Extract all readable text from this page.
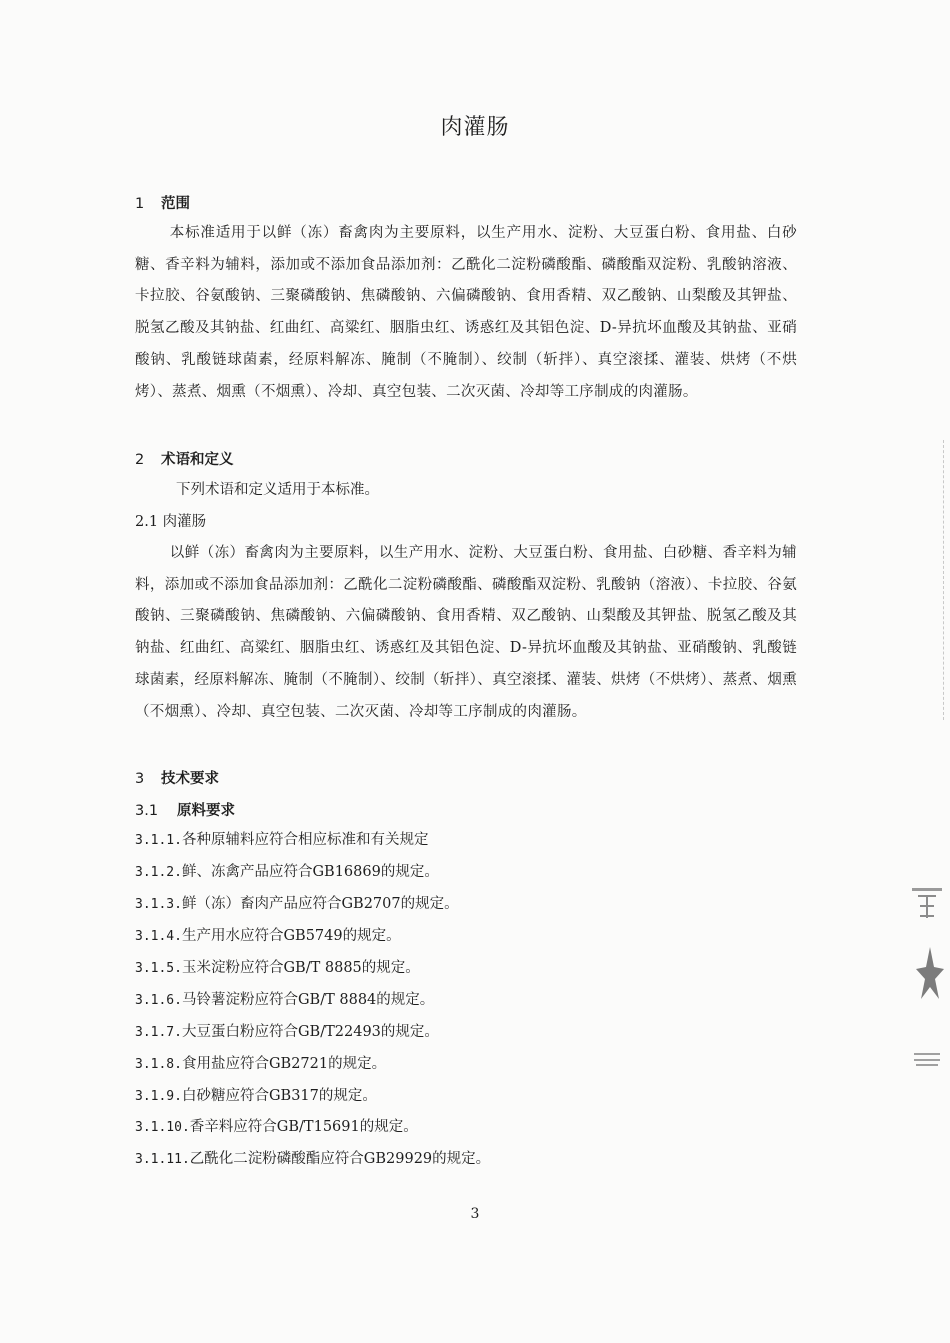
肉灌肠
1 范围

本标准适用于以鲜（冻）畜禽肉为主要原料，以生产用水、淀粉、大豆蛋白粉、食用盐、白砂糖、香辛料为辅料，添加或不添加食品添加剂：乙酰化二淀粉磷酸酯、磷酸酯双淀粉、乳酸钠溶液、卡拉胶、谷氨酸钠、三聚磷酸钠、焦磷酸钠、六偏磷酸钠、食用香精、双乙酸钠、山梨酸及其钾盐、脱氢乙酸及其钠盐、红曲红、高粱红、胭脂虫红、诱惑红及其铝色淀、D-异抗坏血酸及其钠盐、亚硝酸钠、乳酸链球菌素，经原料解冻、腌制（不腌制）、绞制（斩拌）、真空滚揉、灌装、烘烤（不烘烤）、蒸煮、烟熏（不烟熏）、冷却、真空包装、二次灭菌、冷却等工序制成的肉灌肠。

2 术语和定义

下列术语和定义适用于本标准。

2.1 肉灌肠

以鲜（冻）畜禽肉为主要原料，以生产用水、淀粉、大豆蛋白粉、食用盐、白砂糖、香辛料为辅料，添加或不添加食品添加剂：乙酰化二淀粉磷酸酯、磷酸酯双淀粉、乳酸钠（溶液）、卡拉胶、谷氨酸钠、三聚磷酸钠、焦磷酸钠、六偏磷酸钠、食用香精、双乙酸钠、山梨酸及其钾盐、脱氢乙酸及其钠盐、红曲红、高粱红、胭脂虫红、诱惑红及其铝色淀、D-异抗坏血酸及其钠盐、亚硝酸钠、乳酸链球菌素，经原料解冻、腌制（不腌制）、绞制（斩拌）、真空滚揉、灌装、烘烤（不烘烤）、蒸煮、烟熏（不烟熏）、冷却、真空包装、二次灭菌、冷却等工序制成的肉灌肠。

3 技术要求
3.1 原料要求
3.1.1.各种原辅料应符合相应标准和有关规定
3.1.2.鲜、冻禽产品应符合GB16869的规定。
3.1.3.鲜（冻）畜肉产品应符合GB2707的规定。
3.1.4.生产用水应符合GB5749的规定。
3.1.5.玉米淀粉应符合GB/T 8885的规定。
3.1.6.马铃薯淀粉应符合GB/T 8884的规定。
3.1.7.大豆蛋白粉应符合GB/T22493的规定。
3.1.8.食用盐应符合GB2721的规定。
3.1.9.白砂糖应符合GB317的规定。
3.1.10.香辛料应符合GB/T15691的规定。
3.1.11.乙酰化二淀粉磷酸酯应符合GB29929的规定。
3
